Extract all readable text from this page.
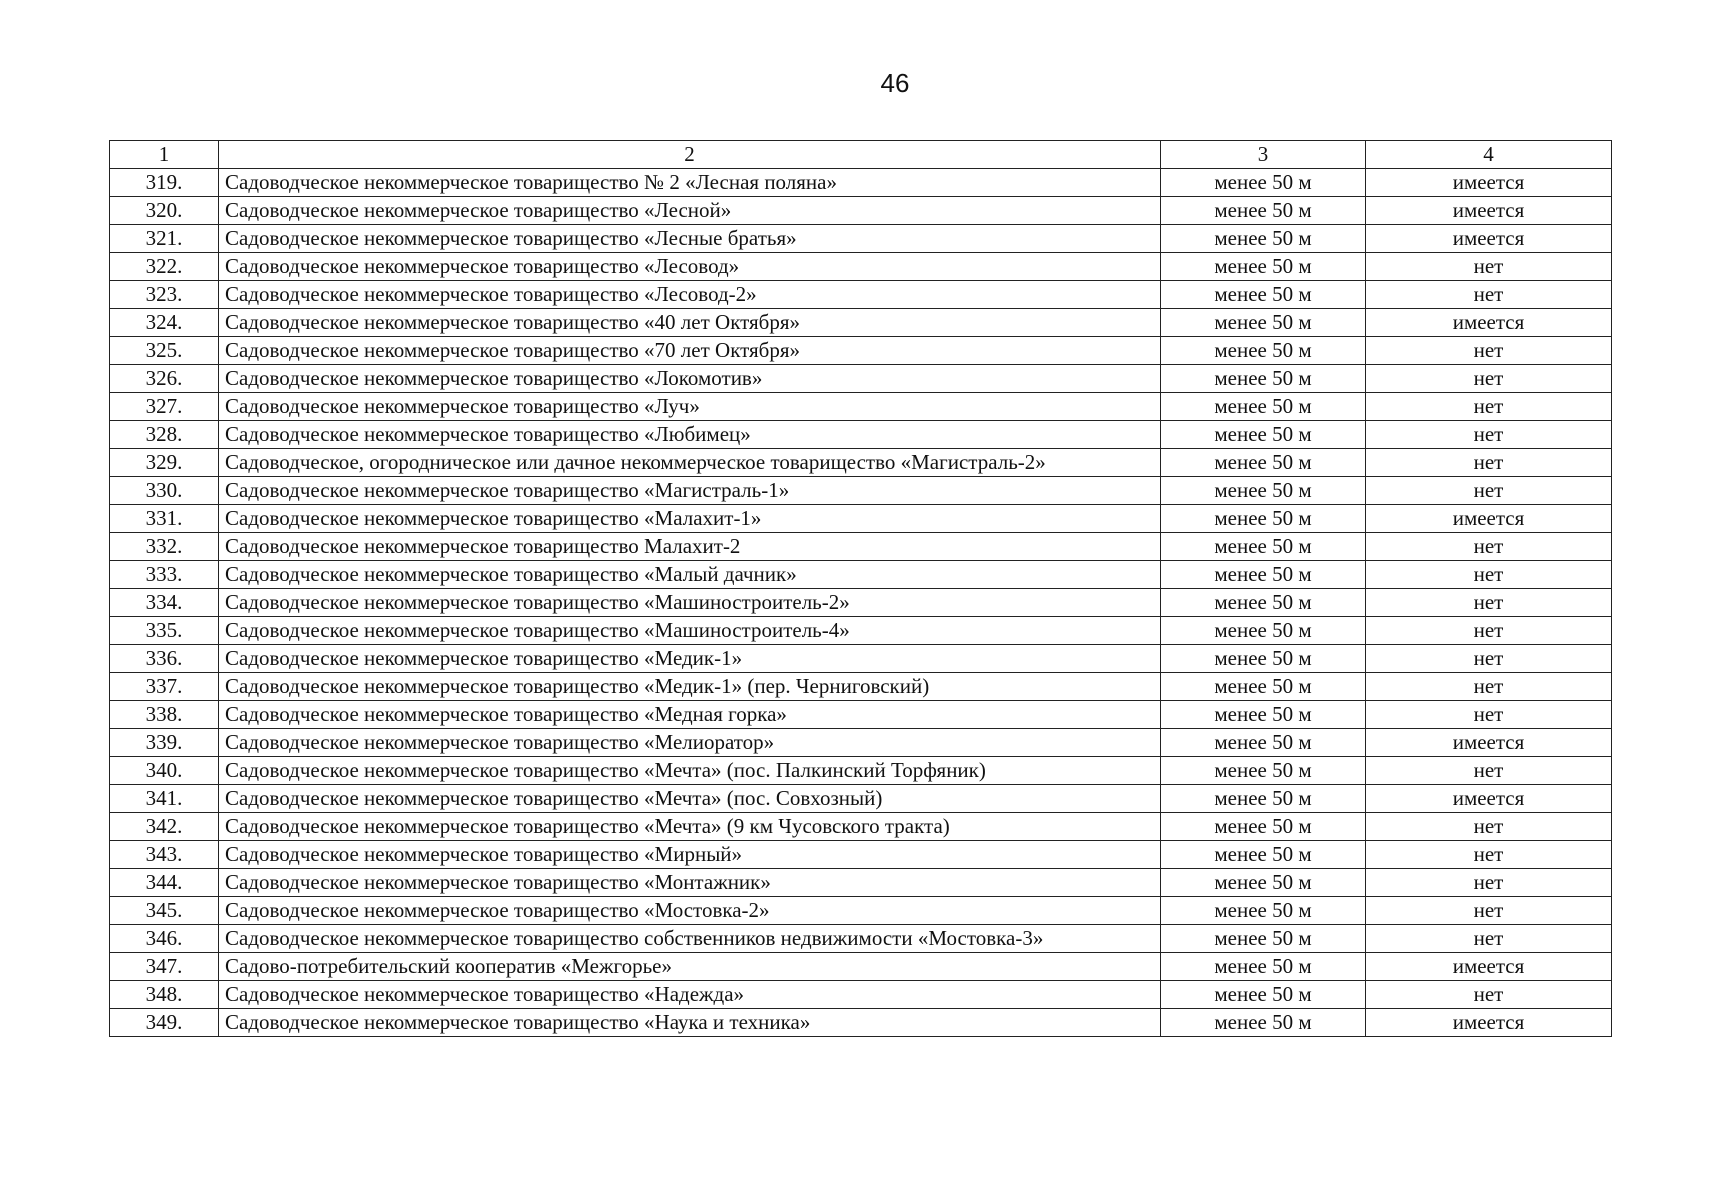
46
1	2	3	4
319.	Садоводческое некоммерческое товарищество № 2 «Лесная поляна»	менее 50 м	имеется
320.	Садоводческое некоммерческое товарищество «Лесной»	менее 50 м	имеется
321.	Садоводческое некоммерческое товарищество «Лесные братья»	менее 50 м	имеется
322.	Садоводческое некоммерческое товарищество «Лесовод»	менее 50 м	нет
323.	Садоводческое некоммерческое товарищество «Лесовод-2»	менее 50 м	нет
324.	Садоводческое некоммерческое товарищество «40 лет Октября»	менее 50 м	имеется
325.	Садоводческое некоммерческое товарищество «70 лет Октября»	менее 50 м	нет
326.	Садоводческое некоммерческое товарищество «Локомотив»	менее 50 м	нет
327.	Садоводческое некоммерческое товарищество «Луч»	менее 50 м	нет
328.	Садоводческое некоммерческое товарищество «Любимец»	менее 50 м	нет
329.	Садоводческое, огородническое или дачное некоммерческое товарищество «Магистраль-2»	менее 50 м	нет
330.	Садоводческое некоммерческое товарищество «Магистраль-1»	менее 50 м	нет
331.	Садоводческое некоммерческое товарищество «Малахит-1»	менее 50 м	имеется
332.	Садоводческое некоммерческое товарищество Малахит-2	менее 50 м	нет
333.	Садоводческое некоммерческое товарищество «Малый дачник»	менее 50 м	нет
334.	Садоводческое некоммерческое товарищество «Машиностроитель-2»	менее 50 м	нет
335.	Садоводческое некоммерческое товарищество «Машиностроитель-4»	менее 50 м	нет
336.	Садоводческое некоммерческое товарищество «Медик-1»	менее 50 м	нет
337.	Садоводческое некоммерческое товарищество «Медик-1» (пер. Черниговский)	менее 50 м	нет
338.	Садоводческое некоммерческое товарищество «Медная горка»	менее 50 м	нет
339.	Садоводческое некоммерческое товарищество «Мелиоратор»	менее 50 м	имеется
340.	Садоводческое некоммерческое товарищество «Мечта» (пос. Палкинский Торфяник)	менее 50 м	нет
341.	Садоводческое некоммерческое товарищество «Мечта» (пос. Совхозный)	менее 50 м	имеется
342.	Садоводческое некоммерческое товарищество «Мечта» (9 км Чусовского тракта)	менее 50 м	нет
343.	Садоводческое некоммерческое товарищество «Мирный»	менее 50 м	нет
344.	Садоводческое некоммерческое товарищество «Монтажник»	менее 50 м	нет
345.	Садоводческое некоммерческое товарищество «Мостовка-2»	менее 50 м	нет
346.	Садоводческое некоммерческое товарищество собственников недвижимости «Мостовка-3»	менее 50 м	нет
347.	Садово-потребительский кооператив «Межгорье»	менее 50 м	имеется
348.	Садоводческое некоммерческое товарищество «Надежда»	менее 50 м	нет
349.	Садоводческое некоммерческое товарищество «Наука и техника»	менее 50 м	имеется
